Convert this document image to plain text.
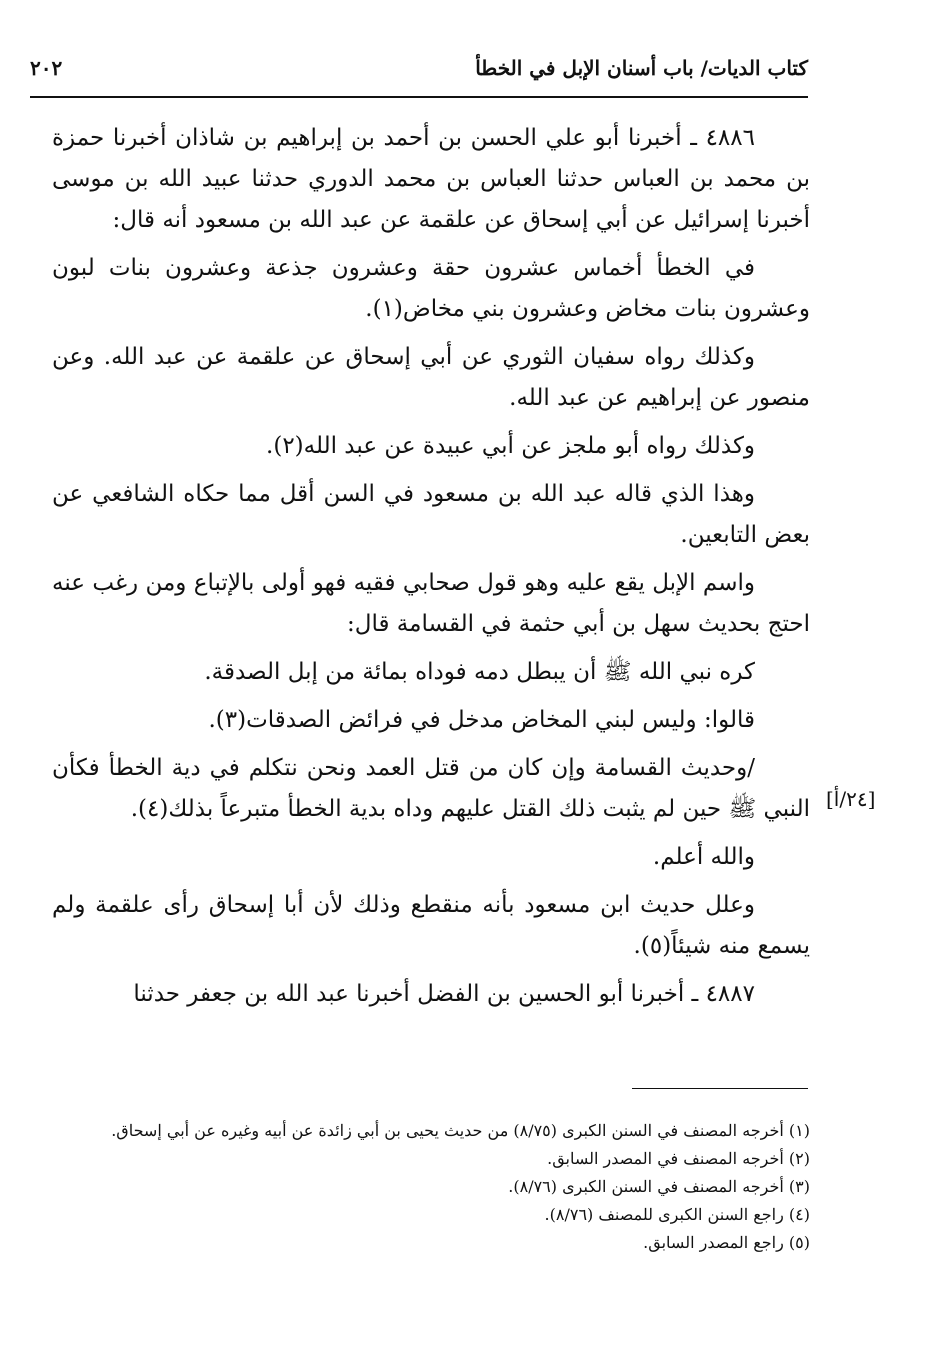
كتاب الديات/ باب أسنان الإبل في الخطأ
٢٠٢

٤٨٨٦ ـ أخبرنا أبو علي الحسن بن أحمد بن إبراهيم بن شاذان أخبرنا حمزة بن محمد بن العباس حدثنا العباس بن محمد الدوري حدثنا عبيد الله بن موسى أخبرنا إسرائيل عن أبي إسحاق عن علقمة عن عبد الله بن مسعود أنه قال:

في الخطأ أخماس عشرون حقة وعشرون جذعة وعشرون بنات لبون وعشرون بنات مخاض وعشرون بني مخاض(١).

وكذلك رواه سفيان الثوري عن أبي إسحاق عن علقمة عن عبد الله. وعن منصور عن إبراهيم عن عبد الله.

وكذلك رواه أبو ملجز عن أبي عبيدة عن عبد الله(٢).

وهذا الذي قاله عبد الله بن مسعود في السن أقل مما حكاه الشافعي عن بعض التابعين.

واسم الإبل يقع عليه وهو قول صحابي فقيه فهو أولى بالإتباع ومن رغب عنه احتج بحديث سهل بن أبي حثمة في القسامة قال:

كره نبي الله ﷺ أن يبطل دمه فوداه بمائة من إبل الصدقة.

قالوا: وليس لبني المخاض مدخل في فرائض الصدقات(٣).

/وحديث القسامة وإن كان من قتل العمد ونحن نتكلم في دية الخطأ فكأن النبي ﷺ حين لم يثبت ذلك القتل عليهم وداه بدية الخطأ متبرعاً بذلك(٤).

والله أعلم.

وعلل حديث ابن مسعود بأنه منقطع وذلك لأن أبا إسحاق رأى علقمة ولم يسمع منه شيئاً(٥).

٤٨٨٧ ـ أخبرنا أبو الحسين بن الفضل أخبرنا عبد الله بن جعفر حدثنا

[٢٤/أ]

(١) أخرجه المصنف في السنن الكبرى (٨/٧٥) من حديث يحيى بن أبي زائدة عن أبيه وغيره عن أبي إسحاق.

(٢) أخرجه المصنف في المصدر السابق.

(٣) أخرجه المصنف في السنن الكبرى (٨/٧٦).

(٤) راجع السنن الكبرى للمصنف (٨/٧٦).

(٥) راجع المصدر السابق.
